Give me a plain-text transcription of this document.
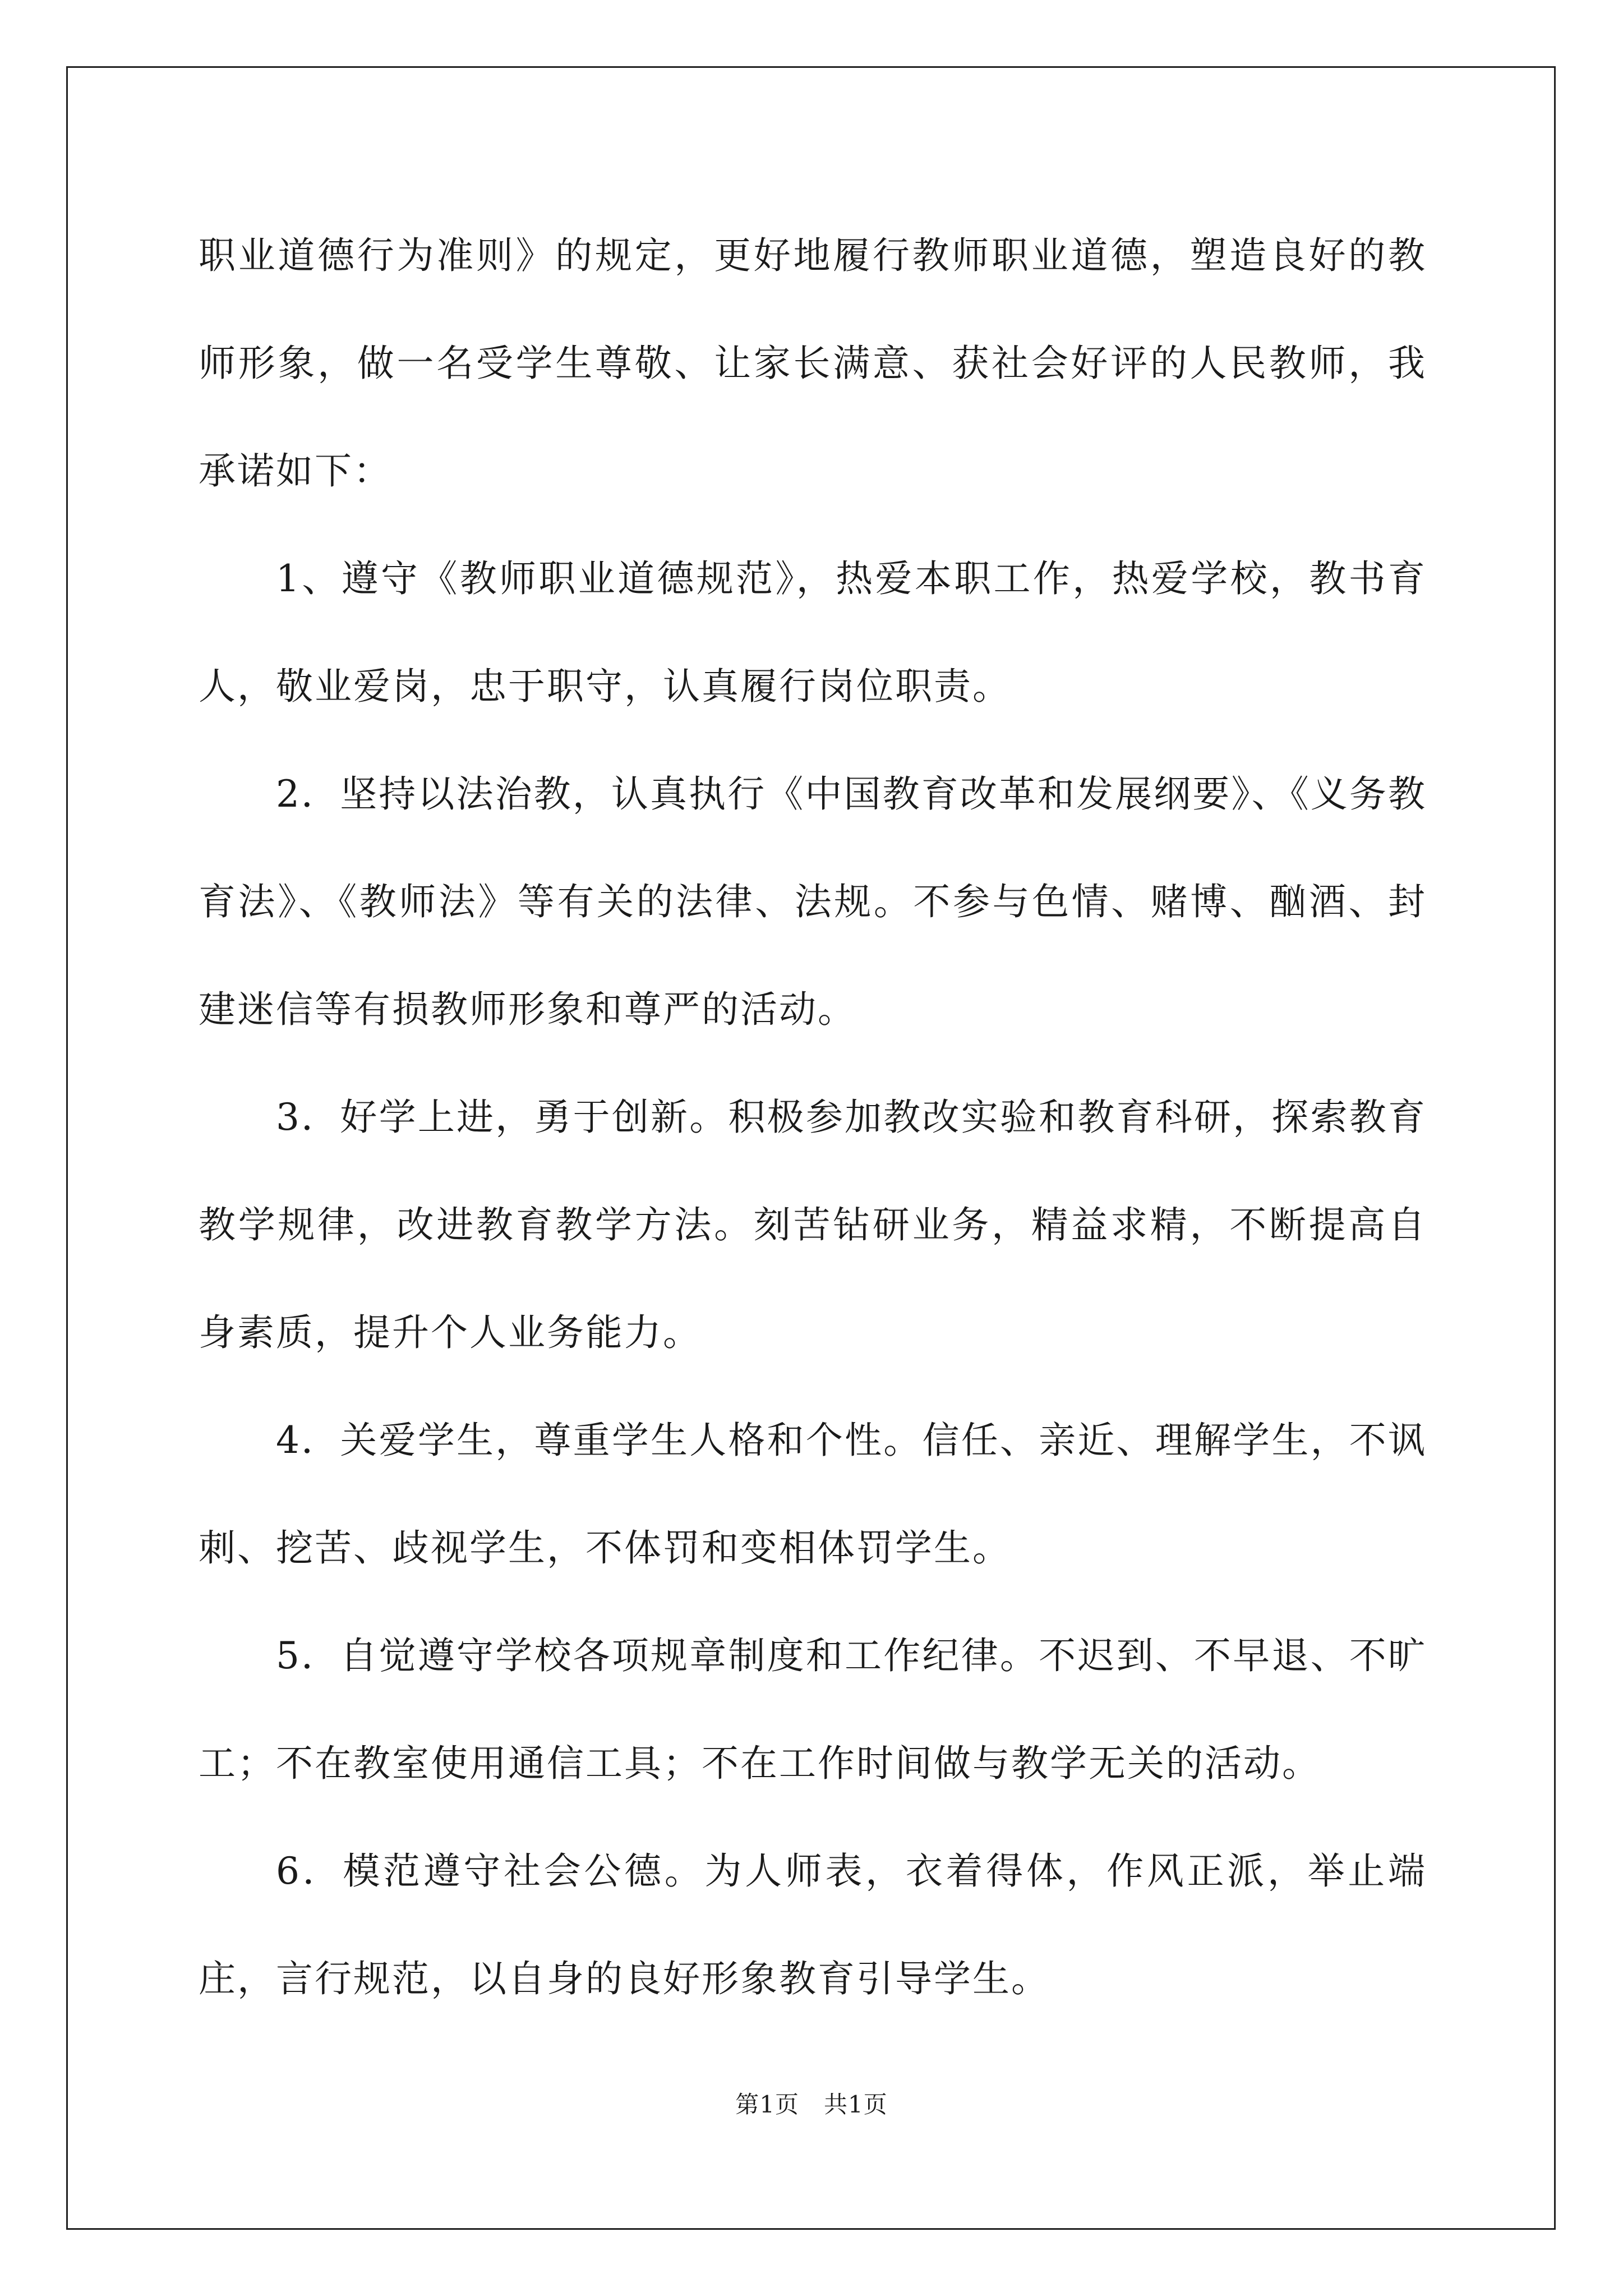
职业道德行为准则》的规定，更好地履行教师职业道德，塑造良好的教师形象，做一名受学生尊敬、让家长满意、获社会好评的人民教师，我承诺如下：

1、遵守《教师职业道德规范》，热爱本职工作，热爱学校，教书育人，敬业爱岗，忠于职守，认真履行岗位职责。

2．坚持以法治教，认真执行《中国教育改革和发展纲要》、《义务教育法》、《教师法》等有关的法律、法规。不参与色情、赌博、酗酒、封建迷信等有损教师形象和尊严的活动。

3．好学上进，勇于创新。积极参加教改实验和教育科研，探索教育教学规律，改进教育教学方法。刻苦钻研业务，精益求精，不断提高自身素质，提升个人业务能力。

4．关爱学生，尊重学生人格和个性。信任、亲近、理解学生，不讽刺、挖苦、歧视学生，不体罚和变相体罚学生。

5．自觉遵守学校各项规章制度和工作纪律。不迟到、不早退、不旷工；不在教室使用通信工具；不在工作时间做与教学无关的活动。

6．模范遵守社会公德。为人师表，衣着得体，作风正派，举止端庄，言行规范，以自身的良好形象教育引导学生。

第1页 共1页
